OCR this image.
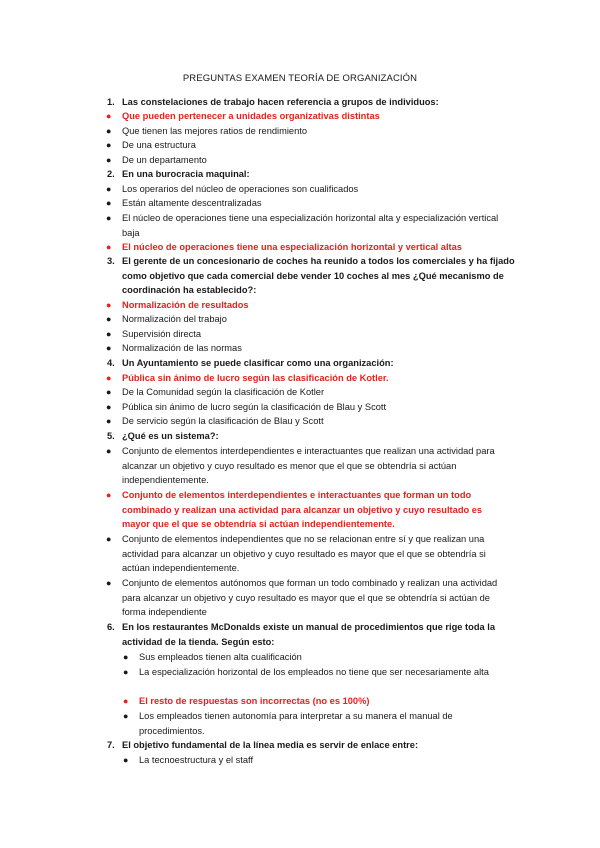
PREGUNTAS EXAMEN TEORÍA DE ORGANIZACIÓN
1. Las constelaciones de trabajo hacen referencia a grupos de individuos:
● Que pueden pertenecer a unidades organizativas distintas
● Que tienen las mejores ratios de rendimiento
● De una estructura
● De un departamento
2. En una burocracia maquinal:
● Los operarios del núcleo de operaciones son cualificados
● Están altamente descentralizadas
● El núcleo de operaciones tiene una especialización horizontal alta y especialización vertical baja
● El núcleo de operaciones tiene una especialización horizontal y vertical altas
3. El gerente de un concesionario de coches ha reunido a todos los comerciales y ha fijado como objetivo que cada comercial debe vender 10 coches al mes ¿Qué mecanismo de coordinación ha establecido?:
● Normalización de resultados
● Normalización del trabajo
● Supervisión directa
● Normalización de las normas
4. Un Ayuntamiento se puede clasificar como una organización:
● Pública sin ánimo de lucro según las clasificación de Kotler.
● De la Comunidad según la clasificación de Kotler
● Pública sin ánimo de lucro según la clasificación de Blau y Scott
● De servicio según la clasificación de Blau y Scott
5. ¿Qué es un sistema?:
● Conjunto de elementos interdependientes e interactuantes que realizan una actividad para alcanzar un objetivo y cuyo resultado es menor que el que se obtendría si actúan independientemente.
● Conjunto de elementos interdependientes e interactuantes que forman un todo combinado y realizan una actividad para alcanzar un objetivo y cuyo resultado es mayor que el que se obtendría si actúan independientemente.
● Conjunto de elementos independientes que no se relacionan entre sí y que realizan una actividad para alcanzar un objetivo y cuyo resultado es mayor que el que se obtendría si actúan independientemente.
● Conjunto de elementos autónomos que forman un todo combinado y realizan una actividad para alcanzar un objetivo y cuyo resultado es mayor que el que se obtendría si actúan de forma independiente
6. En los restaurantes McDonalds existe un manual de procedimientos que rige toda la actividad de la tienda. Según esto:
● Sus empleados tienen alta cualificación
● La especialización horizontal de los empleados no tiene que ser necesariamente alta
● El resto de respuestas son incorrectas (no es 100%)
● Los empleados tienen autonomía para interpretar a su manera el manual de procedimientos.
7. El objetivo fundamental de la línea media es servir de enlace entre:
● La tecnoestructura y el staff
